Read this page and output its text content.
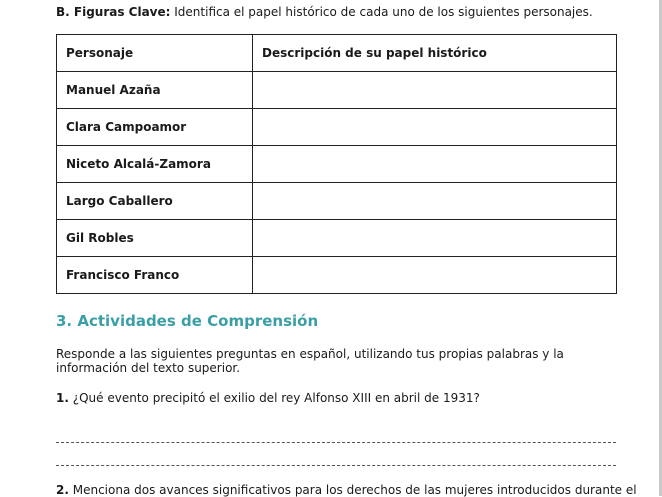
B. Figuras Clave: Identifica el papel histórico de cada uno de los siguientes personajes.
Personaje	Descripción de su papel histórico
Manuel Azaña	
Clara Campoamor	
Niceto Alcalá-Zamora	
Largo Caballero	
Gil Robles	
Francisco Franco	
3. Actividades de Comprensión
Responde a las siguientes preguntas en español, utilizando tus propias palabras y la información del texto superior.
1. ¿Qué evento precipitó el exilio del rey Alfonso XIII en abril de 1931?
2. Menciona dos avances significativos para los derechos de las mujeres introducidos durante el
